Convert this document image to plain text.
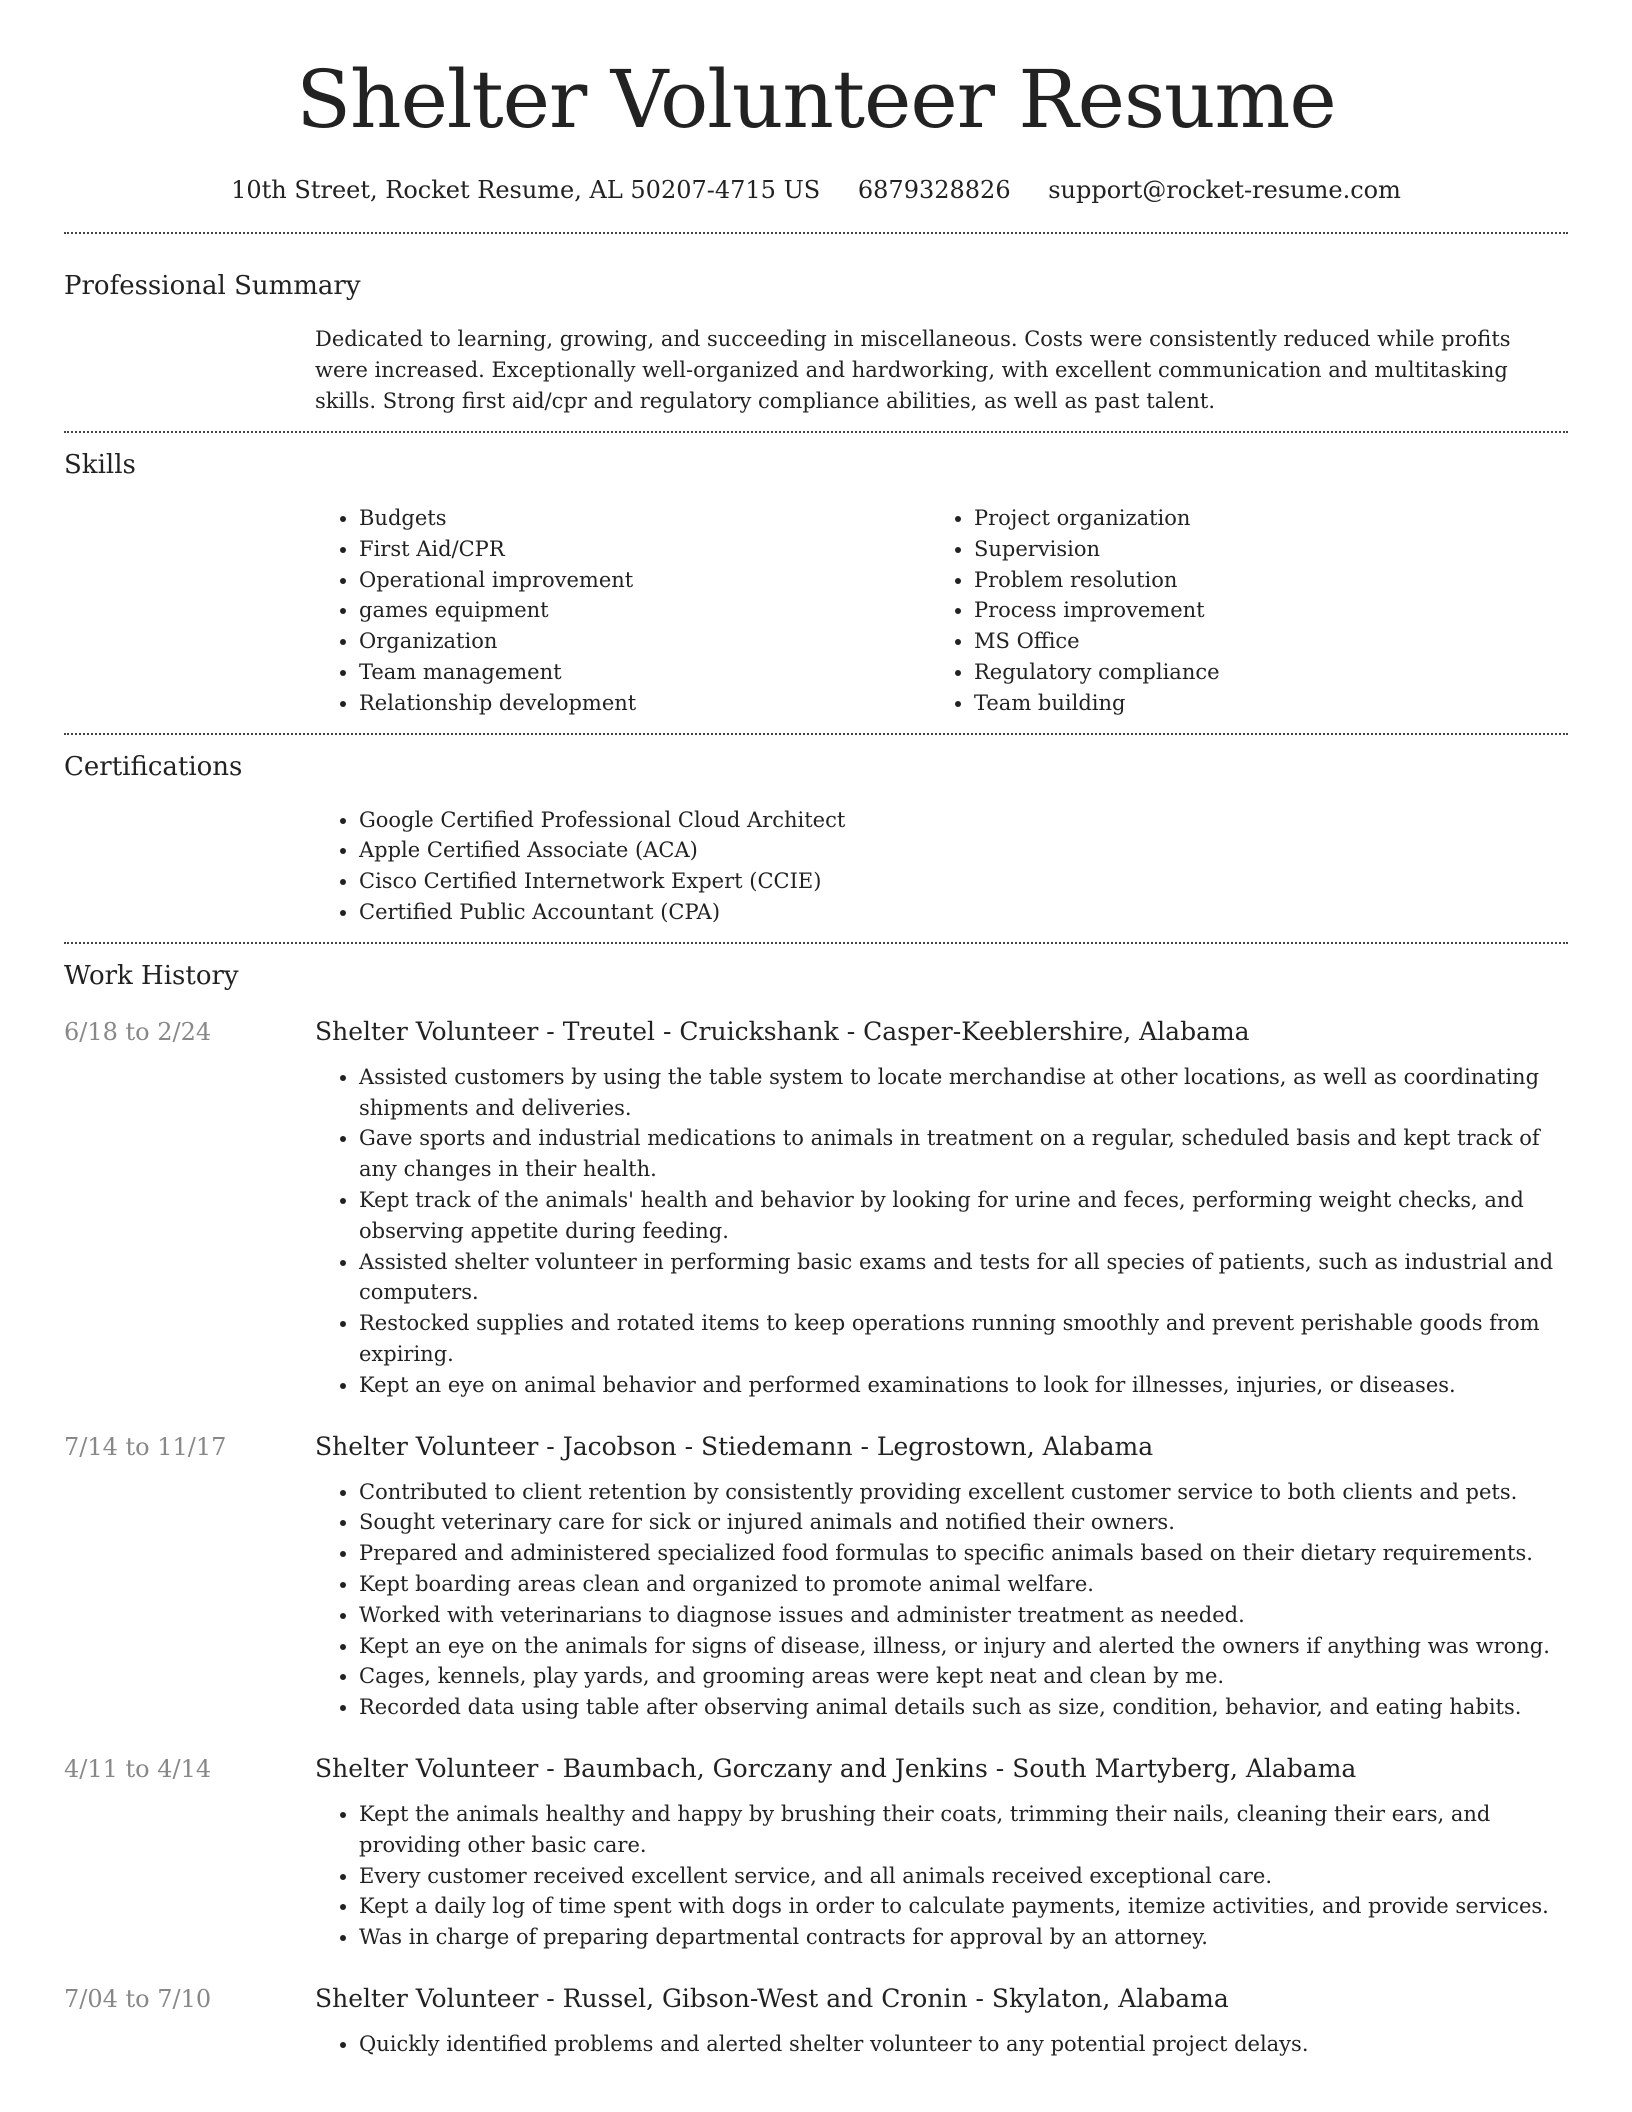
Shelter Volunteer Resume
10th Street, Rocket Resume, AL 50207-4715 US 6879328826 support@rocket-resume.com
Professional Summary

Dedicated to learning, growing, and succeeding in miscellaneous. Costs were consistently reduced while profits were increased. Exceptionally well-organized and hardworking, with excellent communication and multitasking skills. Strong first aid/cpr and regulatory compliance abilities, as well as past talent.

Skills
• Budgets
• First Aid/CPR
• Operational improvement
• games equipment
• Organization
• Team management
• Relationship development
• Project organization
• Supervision
• Problem resolution
• Process improvement
• MS Office
• Regulatory compliance
• Team building
Certifications
• Google Certified Professional Cloud Architect
• Apple Certified Associate (ACA)
• Cisco Certified Internetwork Expert (CCIE)
• Certified Public Accountant (CPA)
Work History
6/18 to 2/24	Shelter Volunteer - Treutel - Cruickshank - Casper-Keeblershire, Alabama
• Assisted customers by using the table system to locate merchandise at other locations, as well as coordinating shipments and deliveries.
• Gave sports and industrial medications to animals in treatment on a regular, scheduled basis and kept track of any changes in their health.
• Kept track of the animals' health and behavior by looking for urine and feces, performing weight checks, and observing appetite during feeding.
• Assisted shelter volunteer in performing basic exams and tests for all species of patients, such as industrial and computers.
• Restocked supplies and rotated items to keep operations running smoothly and prevent perishable goods from expiring.
• Kept an eye on animal behavior and performed examinations to look for illnesses, injuries, or diseases.
7/14 to 11/17	Shelter Volunteer - Jacobson - Stiedemann - Legrostown, Alabama
• Contributed to client retention by consistently providing excellent customer service to both clients and pets.
• Sought veterinary care for sick or injured animals and notified their owners.
• Prepared and administered specialized food formulas to specific animals based on their dietary requirements.
• Kept boarding areas clean and organized to promote animal welfare.
• Worked with veterinarians to diagnose issues and administer treatment as needed.
• Kept an eye on the animals for signs of disease, illness, or injury and alerted the owners if anything was wrong.
• Cages, kennels, play yards, and grooming areas were kept neat and clean by me.
• Recorded data using table after observing animal details such as size, condition, behavior, and eating habits.
4/11 to 4/14	Shelter Volunteer - Baumbach, Gorczany and Jenkins - South Martyberg, Alabama
• Kept the animals healthy and happy by brushing their coats, trimming their nails, cleaning their ears, and providing other basic care.
• Every customer received excellent service, and all animals received exceptional care.
• Kept a daily log of time spent with dogs in order to calculate payments, itemize activities, and provide services.
• Was in charge of preparing departmental contracts for approval by an attorney.
7/04 to 7/10	Shelter Volunteer - Russel, Gibson-West and Cronin - Skylaton, Alabama
• Quickly identified problems and alerted shelter volunteer to any potential project delays.
